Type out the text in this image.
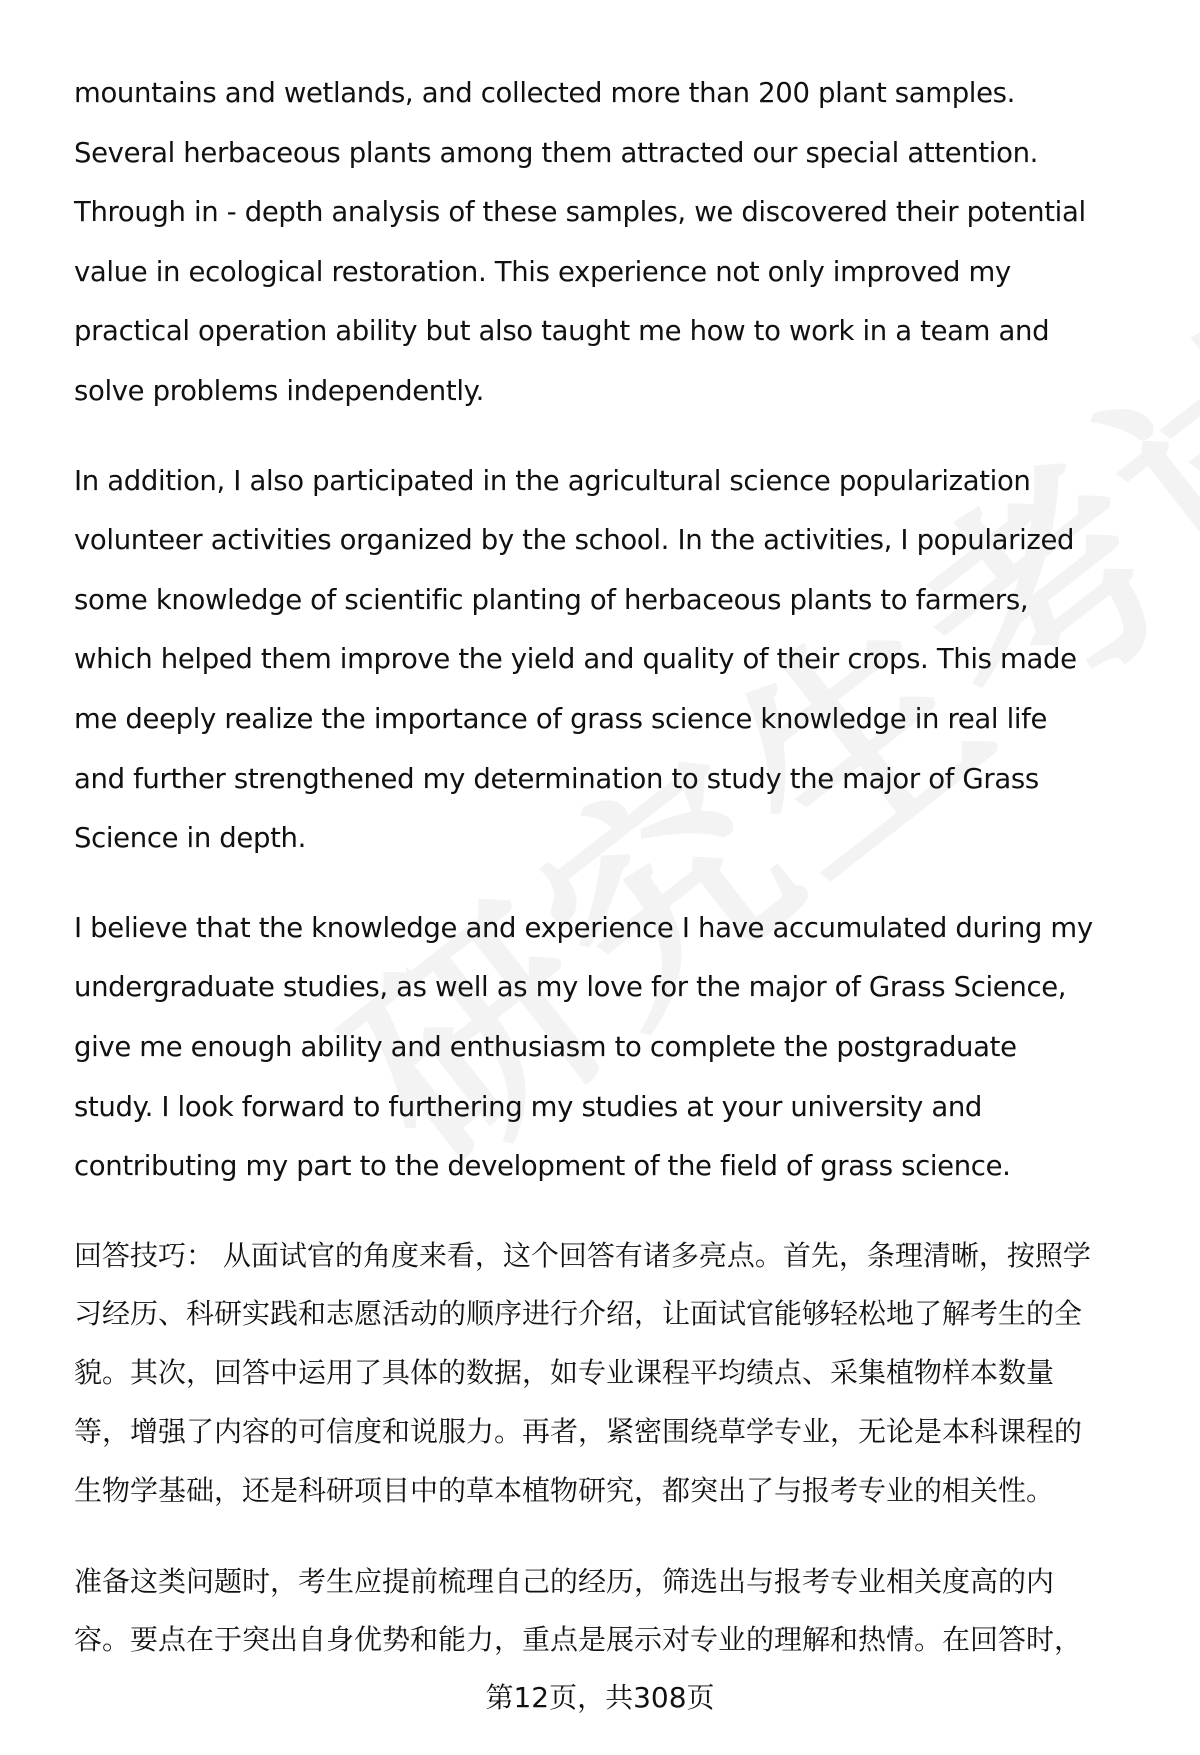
mountains and wetlands, and collected more than 200 plant samples.
Several herbaceous plants among them attracted our special attention.
Through in - depth analysis of these samples, we discovered their potential
value in ecological restoration. This experience not only improved my
practical operation ability but also taught me how to work in a team and
solve problems independently.
In addition, I also participated in the agricultural science popularization
volunteer activities organized by the school. In the activities, I popularized
some knowledge of scientific planting of herbaceous plants to farmers,
which helped them improve the yield and quality of their crops. This made
me deeply realize the importance of grass science knowledge in real life
and further strengthened my determination to study the major of Grass
Science in depth.
I believe that the knowledge and experience I have accumulated during my
undergraduate studies, as well as my love for the major of Grass Science,
give me enough ability and enthusiasm to complete the postgraduate
study. I look forward to furthering my studies at your university and
contributing my part to the development of the field of grass science.
回答技巧： 从面试官的角度来看，这个回答有诸多亮点。首先，条理清晰，按照学
习经历、科研实践和志愿活动的顺序进行介绍，让面试官能够轻松地了解考生的全
貌。其次，回答中运用了具体的数据，如专业课程平均绩点、采集植物样本数量
等，增强了内容的可信度和说服力。再者，紧密围绕草学专业，无论是本科课程的
生物学基础，还是科研项目中的草本植物研究，都突出了与报考专业的相关性。
准备这类问题时，考生应提前梳理自己的经历，筛选出与报考专业相关度高的内
容。要点在于突出自身优势和能力，重点是展示对专业的理解和热情。在回答时，
第12页，共308页
